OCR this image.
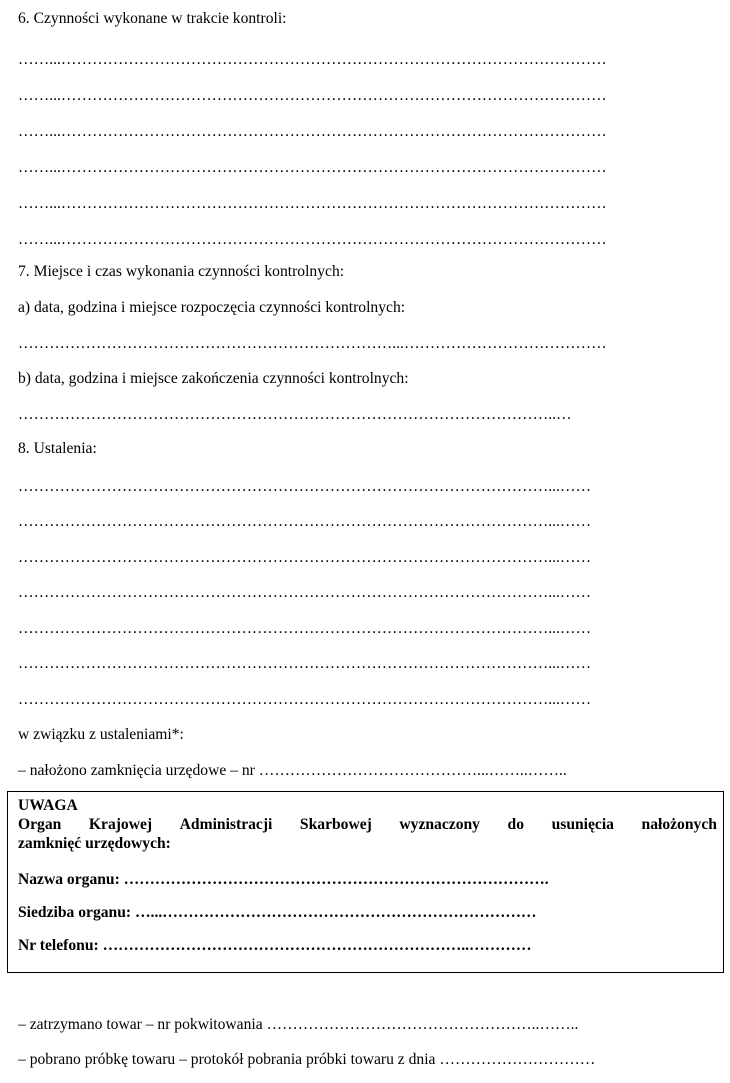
6. Czynności wykonane w trakcie kontroli:
……...……………………………………………………………………………………………
……...……………………………………………………………………………………………
……...……………………………………………………………………………………………
……...……………………………………………………………………………………………
……...……………………………………………………………………………………………
……...……………………………………………………………………………………………
7. Miejsce i czas wykonania czynności kontrolnych:
a) data, godzina i miejsce rozpoczęcia czynności kontrolnych:
………………………………………………………………...…………………………………
b) data, godzina i miejsce zakończenia czynności kontrolnych:
…………………………………………………………………………………………..…
8. Ustalenia:
…………………………………………………………………………………………...……
…………………………………………………………………………………………...……
…………………………………………………………………………………………...……
…………………………………………………………………………………………...……
…………………………………………………………………………………………...……
…………………………………………………………………………………………...……
…………………………………………………………………………………………...……
w związku z ustaleniami*:
– nałożono zamknięcia urzędowe – nr ……………………………………...……..……..
UWAGA
Organ Krajowej Administracji Skarbowej wyznaczony do usunięcia nałożonych
zamknięć urzędowych:
Nazwa organu: ……………………………………………………………………….
Siedziba organu: …...………………………………………………………………
Nr telefonu: ……………………………………………………………..…………
– zatrzymano towar – nr pokwitowania ……………………………………………..……..
– pobrano próbkę towaru – protokół pobrania próbki towaru z dnia …………………………
